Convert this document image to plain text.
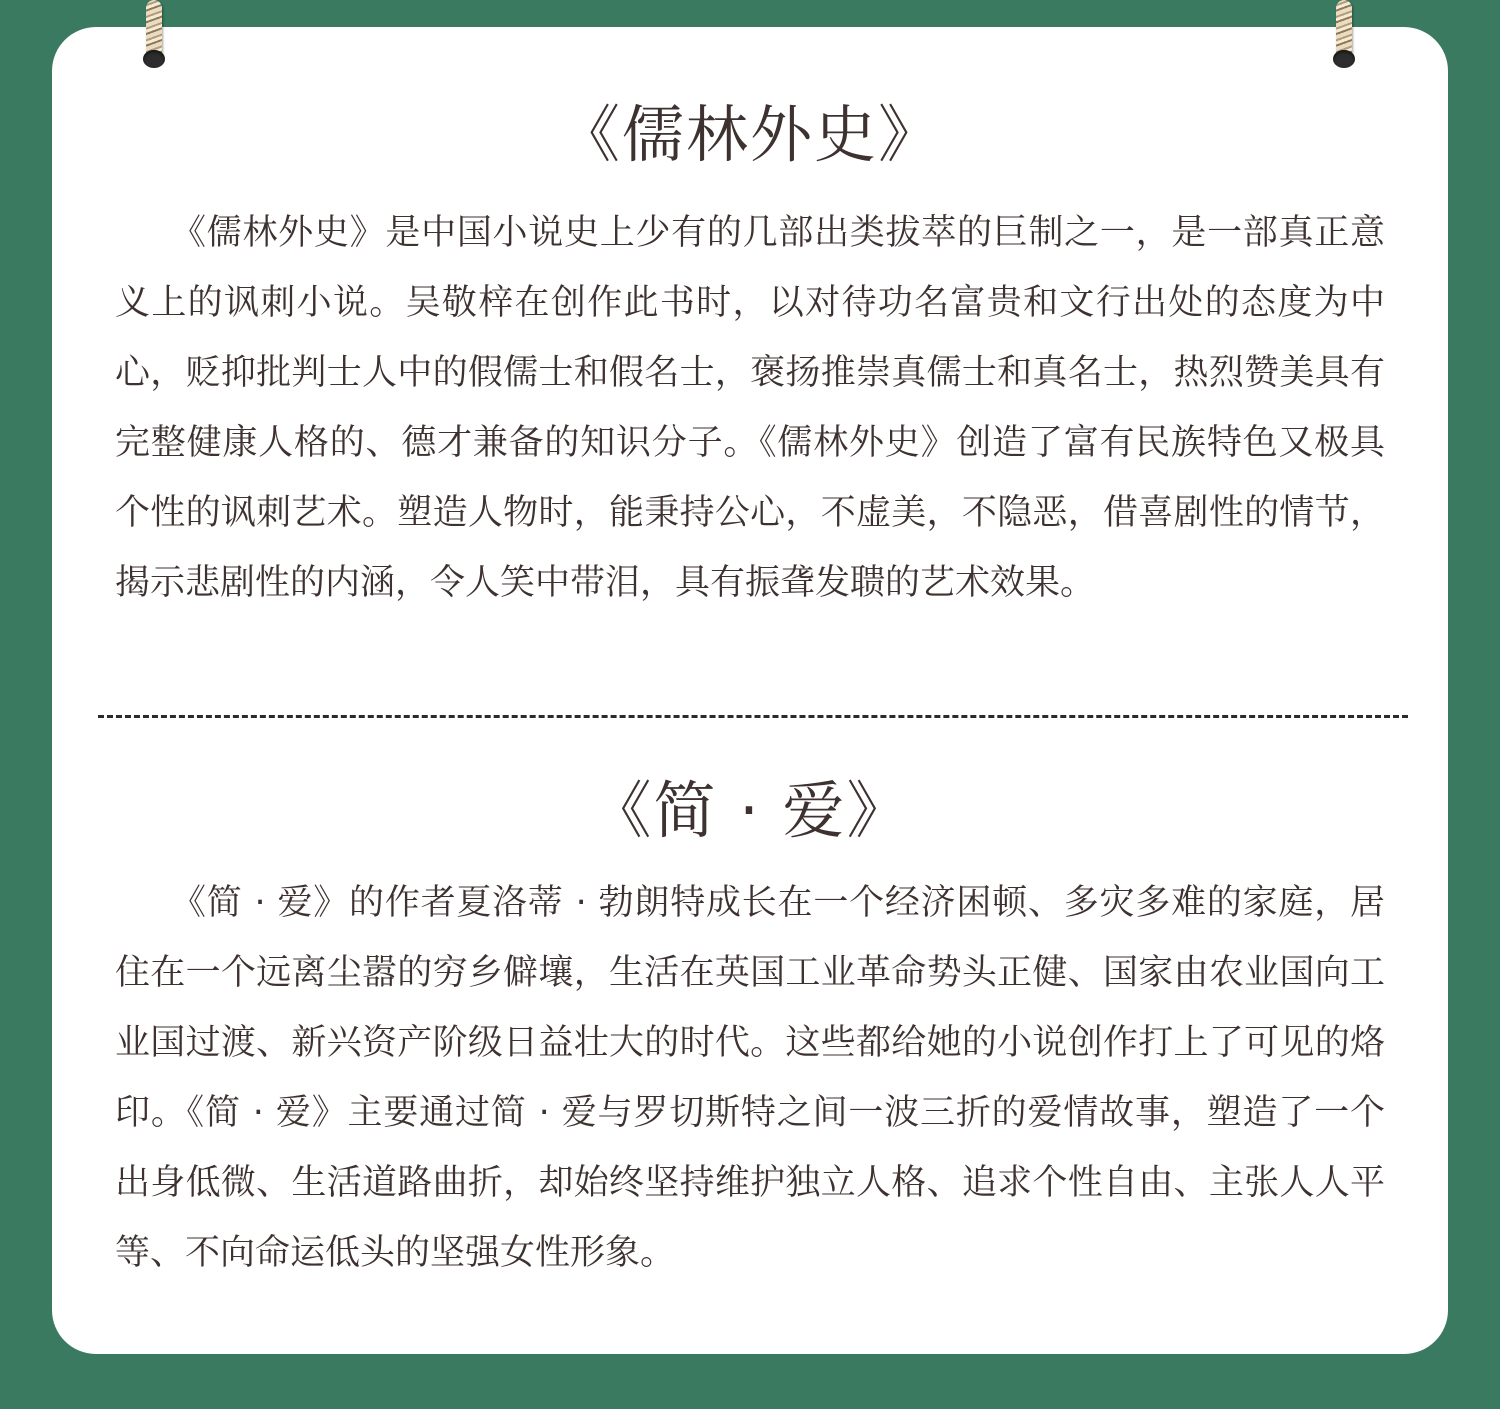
《儒林外史》

《儒林外史》是中国小说史上少有的几部出类拔萃的巨制之一，是一部真正意义上的讽刺小说。吴敬梓在创作此书时，以对待功名富贵和文行出处的态度为中心，贬抑批判士人中的假儒士和假名士，褒扬推崇真儒士和真名士，热烈赞美具有完整健康人格的、德才兼备的知识分子。《儒林外史》创造了富有民族特色又极具个性的讽刺艺术。塑造人物时，能秉持公心，不虚美，不隐恶，借喜剧性的情节，揭示悲剧性的内涵，令人笑中带泪，具有振聋发聩的艺术效果。

《简 · 爱》

《简 · 爱》的作者夏洛蒂 · 勃朗特成长在一个经济困顿、多灾多难的家庭，居住在一个远离尘嚣的穷乡僻壤，生活在英国工业革命势头正健、国家由农业国向工业国过渡、新兴资产阶级日益壮大的时代。这些都给她的小说创作打上了可见的烙印。《简 · 爱》主要通过简 · 爱与罗切斯特之间一波三折的爱情故事，塑造了一个出身低微、生活道路曲折，却始终坚持维护独立人格、追求个性自由、主张人人平等、不向命运低头的坚强女性形象。
